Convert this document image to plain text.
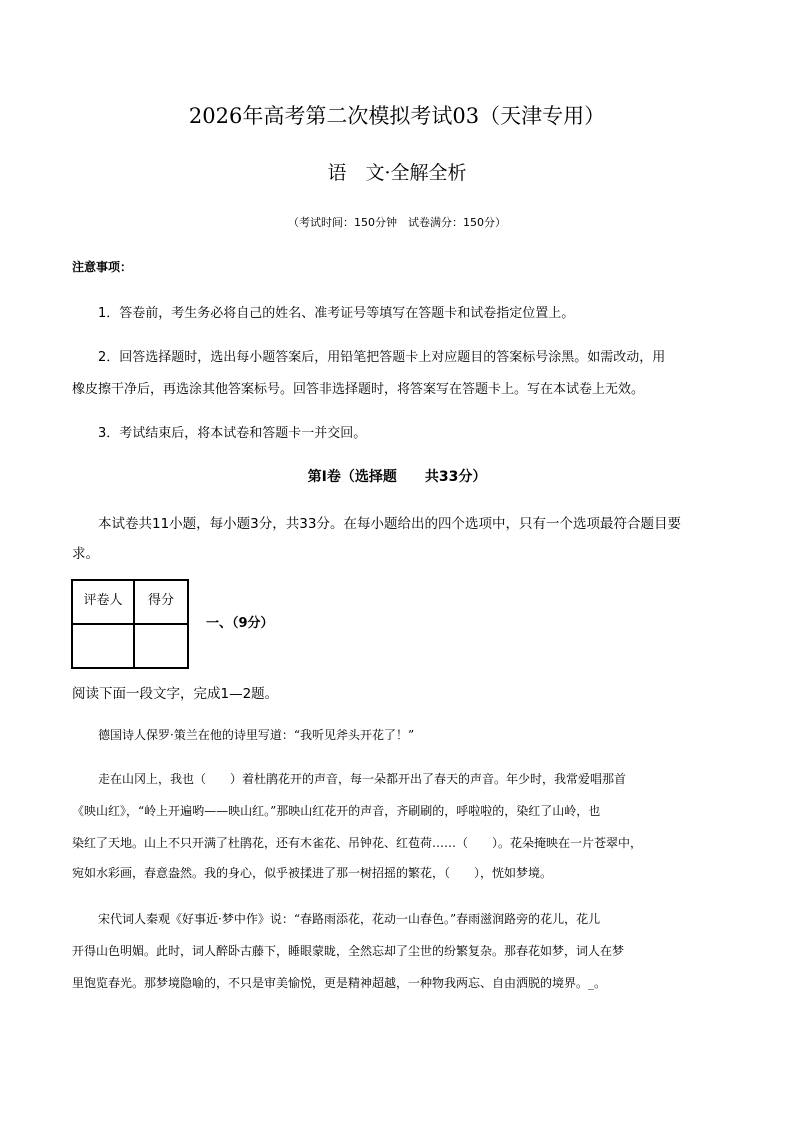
2026年高考第二次模拟考试03（天津专用）
语　文·全解全析
（考试时间：150分钟　试卷满分：150分）
注意事项：
1．答卷前，考生务必将自己的姓名、准考证号等填写在答题卡和试卷指定位置上。
2．回答选择题时，选出每小题答案后，用铅笔把答题卡上对应题目的答案标号涂黑。如需改动，用
橡皮擦干净后，再选涂其他答案标号。回答非选择题时，将答案写在答题卡上。写在本试卷上无效。
3．考试结束后，将本试卷和答题卡一并交回。
第Ⅰ卷（选择题　　共33分）
本试卷共11小题，每小题3分，共33分。在每小题给出的四个选项中，只有一个选项最符合题目要
求。
评卷人	得分

一、（9分）
阅读下面一段文字，完成1—2题。
德国诗人保罗·策兰在他的诗里写道：“我听见斧头开花了！”
走在山冈上，我也（　　）着杜鹃花开的声音，每一朵都开出了春天的声音。年少时，我常爱唱那首
《映山红》，“岭上开遍哟——映山红。”那映山红花开的声音，齐刷刷的，呼啦啦的，染红了山岭，也
染红了天地。山上不只开满了杜鹃花，还有木雀花、吊钟花、红苞荷……（　　）。花朵掩映在一片苍翠中，
宛如水彩画，春意盎然。我的身心，似乎被揉进了那一树招摇的繁花，（　　），恍如梦境。
宋代词人秦观《好事近·梦中作》说：“春路雨添花，花动一山春色。”春雨滋润路旁的花儿，花儿
开得山色明媚。此时，词人醉卧古藤下，睡眼蒙眬，全然忘却了尘世的纷繁复杂。那春花如梦，词人在梦
里饱览春光。那梦境隐喻的，不只是审美愉悦，更是精神超越，一种物我两忘、自由洒脱的境界。_。
